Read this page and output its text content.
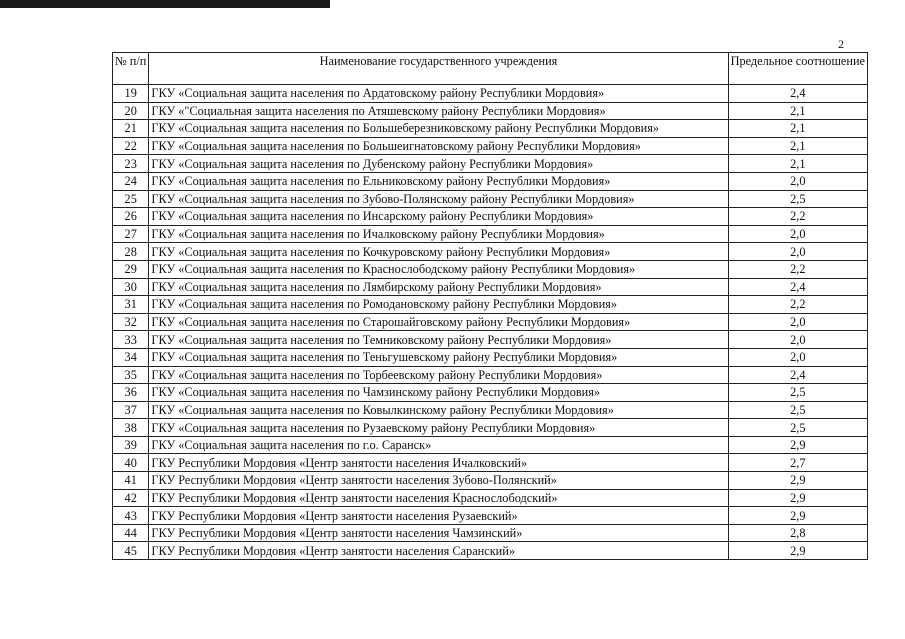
2
№ п/п	Наименование государственного учреждения	Предельное соотношение
19	ГКУ «Социальная защита населения по Ардатовскому району Республики Мордовия»	2,4
20	ГКУ «"Социальная защита населения по Атяшевскому району Республики Мордовия»	2,1
21	ГКУ «Социальная защита населения по Большеберезниковскому району Республики Мордовия»	2,1
22	ГКУ «Социальная защита населения по Большеигнатовскому району Республики Мордовия»	2,1
23	ГКУ «Социальная защита населения по Дубенскому району Республики Мордовия»	2,1
24	ГКУ «Социальная защита населения по Ельниковскому району Республики Мордовия»	2,0
25	ГКУ «Социальная защита населения по Зубово-Полянскому району Республики Мордовия»	2,5
26	ГКУ «Социальная защита населения по Инсарскому району Республики Мордовия»	2,2
27	ГКУ «Социальная защита населения по Ичалковскому району Республики Мордовия»	2,0
28	ГКУ «Социальная защита населения по Кочкуровскому району Республики Мордовия»	2,0
29	ГКУ «Социальная защита населения по Краснослободскому району Республики Мордовия»	2,2
30	ГКУ «Социальная защита населения по Лямбирскому району Республики Мордовия»	2,4
31	ГКУ «Социальная защита населения по Ромодановскому району Республики Мордовия»	2,2
32	ГКУ «Социальная защита населения по Старошайговскому району Республики Мордовия»	2,0
33	ГКУ «Социальная защита населения по Темниковскому району Республики Мордовия»	2,0
34	ГКУ «Социальная защита населения по Теньгушевскому району Республики Мордовия»	2,0
35	ГКУ «Социальная защита населения по Торбеевскому району Республики Мордовия»	2,4
36	ГКУ «Социальная защита населения по Чамзинскому району Республики Мордовия»	2,5
37	ГКУ «Социальная защита населения по Ковылкинскому району Республики Мордовия»	2,5
38	ГКУ «Социальная защита населения по Рузаевскому району Республики Мордовия»	2,5
39	ГКУ «Социальная защита населения по г.о. Саранск»	2,9
40	ГКУ Республики Мордовия «Центр занятости населения Ичалковский»	2,7
41	ГКУ Республики Мордовия «Центр занятости населения Зубово-Полянский»	2,9
42	ГКУ Республики Мордовия «Центр занятости населения Краснослободский»	2,9
43	ГКУ Республики Мордовия «Центр занятости населения Рузаевский»	2,9
44	ГКУ Республики Мордовия «Центр занятости населения Чамзинский»	2,8
45	ГКУ Республики Мордовия «Центр занятости населения Саранский»	2,9
